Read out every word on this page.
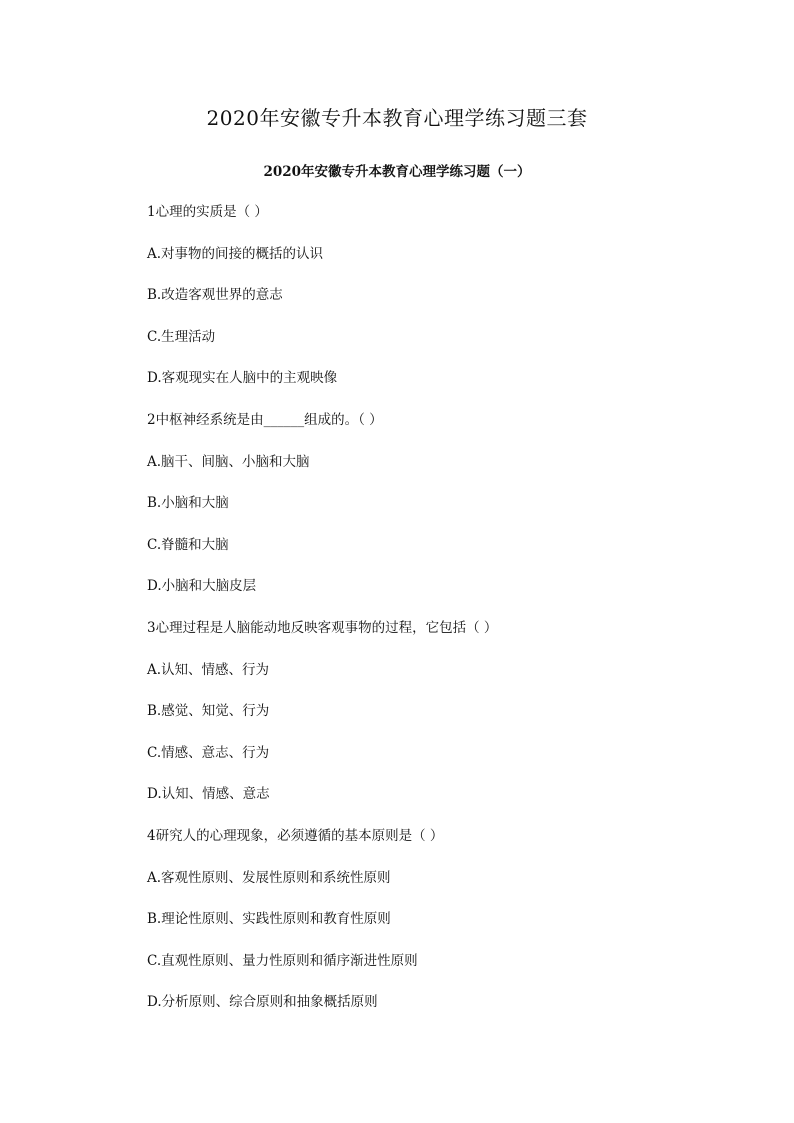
2020年安徽专升本教育心理学练习题三套
2020年安徽专升本教育心理学练习题（一）
1心理的实质是（ ）
A.对事物的间接的概括的认识
B.改造客观世界的意志
C.生理活动
D.客观现实在人脑中的主观映像
2中枢神经系统是由______组成的。（ ）
A.脑干、间脑、小脑和大脑
B.小脑和大脑
C.脊髓和大脑
D.小脑和大脑皮层
3心理过程是人脑能动地反映客观事物的过程，它包括（ ）
A.认知、情感、行为
B.感觉、知觉、行为
C.情感、意志、行为
D.认知、情感、意志
4研究人的心理现象，必须遵循的基本原则是（ ）
A.客观性原则、发展性原则和系统性原则
B.理论性原则、实践性原则和教育性原则
C.直观性原则、量力性原则和循序渐进性原则
D.分析原则、综合原则和抽象概括原则
